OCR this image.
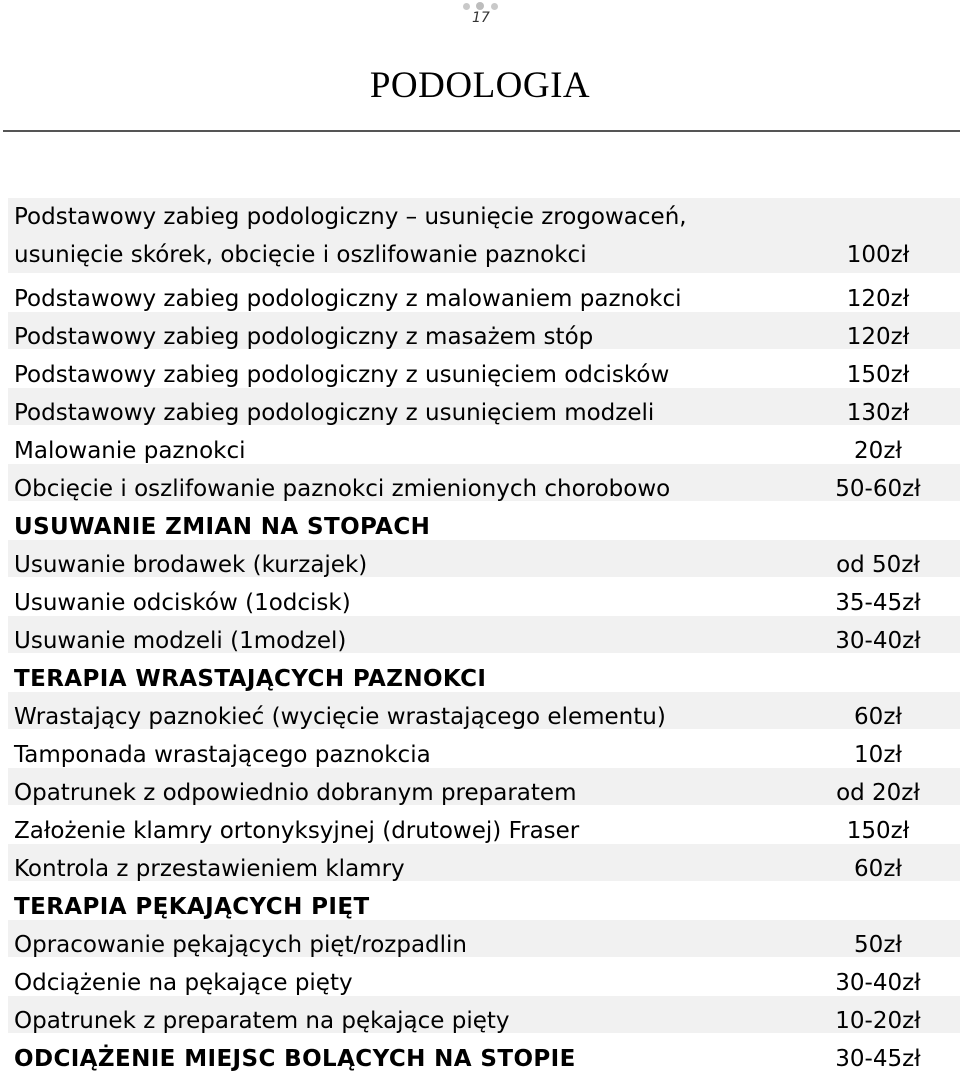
17
PODOLOGIA
Podstawowy zabieg podologiczny – usunięcie zrogowaceń,
usunięcie skórek, obcięcie i oszlifowanie paznokci	100zł
Podstawowy zabieg podologiczny z malowaniem paznokci	120zł
Podstawowy zabieg podologiczny z masażem stóp	120zł
Podstawowy zabieg podologiczny z usunięciem odcisków	150zł
Podstawowy zabieg podologiczny z usunięciem modzeli	130zł
Malowanie paznokci	20zł
Obcięcie i oszlifowanie paznokci zmienionych chorobowo	50-60zł
USUWANIE ZMIAN NA STOPACH
Usuwanie brodawek (kurzajek)	od 50zł
Usuwanie odcisków (1odcisk)	35-45zł
Usuwanie modzeli (1modzel)	30-40zł
TERAPIA WRASTAJĄCYCH PAZNOKCI
Wrastający paznokieć (wycięcie wrastającego elementu)	60zł
Tamponada wrastającego paznokcia	10zł
Opatrunek z odpowiednio dobranym preparatem	od 20zł
Założenie klamry ortonyksyjnej (drutowej) Fraser	150zł
Kontrola z przestawieniem klamry	60zł
TERAPIA PĘKAJĄCYCH PIĘT
Opracowanie pękających pięt/rozpadlin	50zł
Odciążenie na pękające pięty	30-40zł
Opatrunek z preparatem na pękające pięty	10-20zł
ODCIĄŻENIE MIEJSC BOLĄCYCH NA STOPIE	30-45zł
